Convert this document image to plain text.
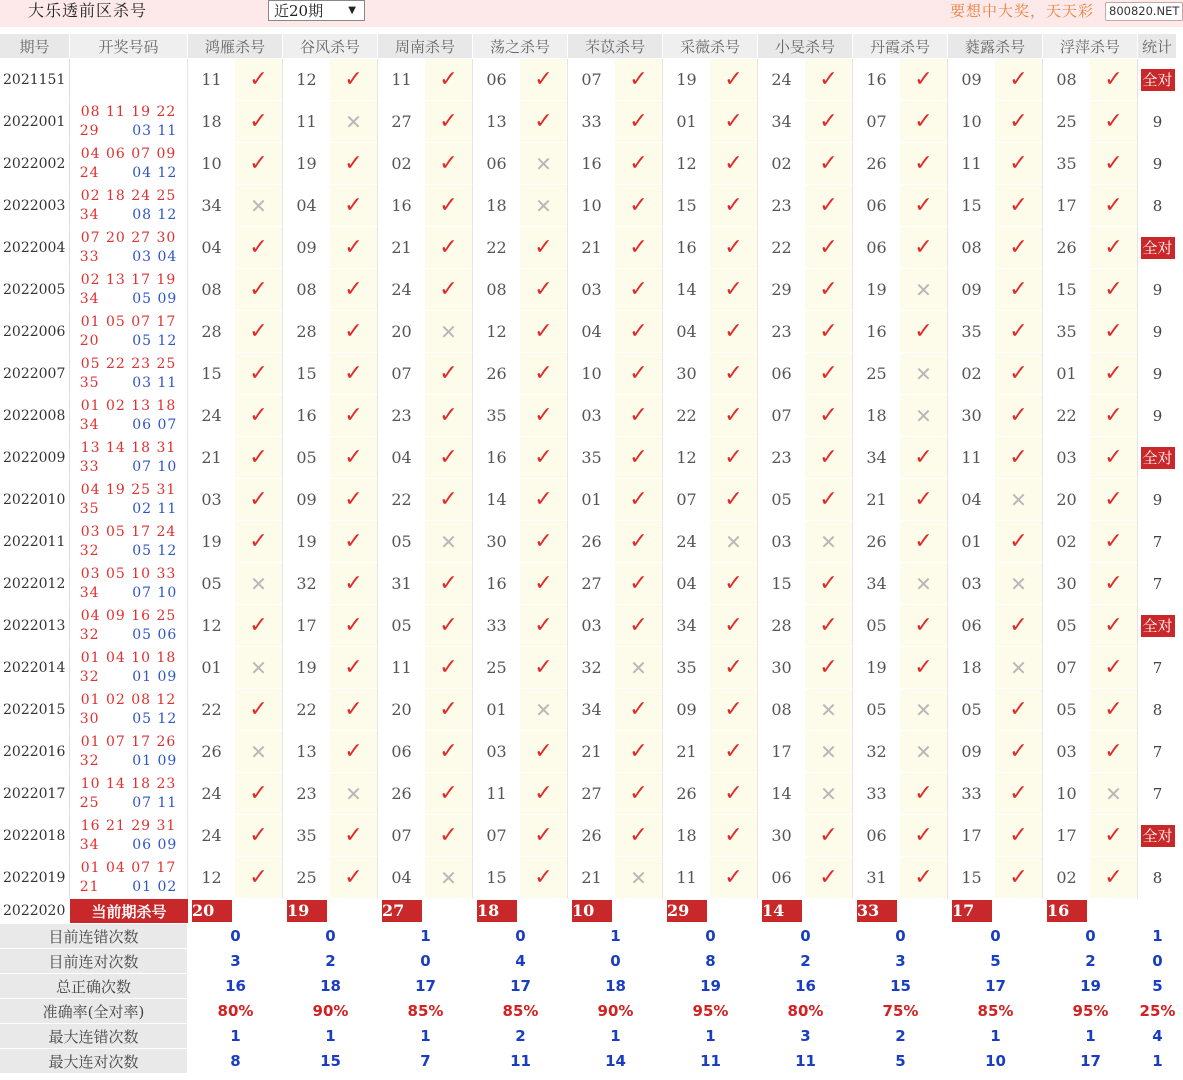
大乐透前区杀号	近20期	▼	要想中大奖，天天彩	800820.NET
期号	开奖号码	鸿雁杀号		谷风杀号		周南杀号		荡之杀号		芣苡杀号		采薇杀号		小旻杀号		丹霞杀号		蕤露杀号		浮萍杀号		统计
2021151		11	✓	12	✓	11	✓	06	✓	07	✓	19	✓	24	✓	16	✓	09	✓	08	✓	全对
2022001	08 11 19 22
29 03 11	18	✓	11	✕	27	✓	13	✓	33	✓	01	✓	34	✓	07	✓	10	✓	25	✓	9
2022002	04 06 07 09
24 04 12	10	✓	19	✓	02	✓	06	✕	16	✓	12	✓	02	✓	26	✓	11	✓	35	✓	9
2022003	02 18 24 25
34 08 12	34	✕	04	✓	16	✓	18	✕	10	✓	15	✓	23	✓	06	✓	15	✓	17	✓	8
2022004	07 20 27 30
33 03 04	04	✓	09	✓	21	✓	22	✓	21	✓	16	✓	22	✓	06	✓	08	✓	26	✓	全对
2022005	02 13 17 19
34 05 09	08	✓	08	✓	24	✓	08	✓	03	✓	14	✓	29	✓	19	✕	09	✓	15	✓	9
2022006	01 05 07 17
20 05 12	28	✓	28	✓	20	✕	12	✓	04	✓	04	✓	23	✓	16	✓	35	✓	35	✓	9
2022007	05 22 23 25
35 03 11	15	✓	15	✓	07	✓	26	✓	10	✓	30	✓	06	✓	25	✕	02	✓	01	✓	9
2022008	01 02 13 18
34 06 07	24	✓	16	✓	23	✓	35	✓	03	✓	22	✓	07	✓	18	✕	30	✓	22	✓	9
2022009	13 14 18 31
33 07 10	21	✓	05	✓	04	✓	16	✓	35	✓	12	✓	23	✓	34	✓	11	✓	03	✓	全对
2022010	04 19 25 31
35 02 11	03	✓	09	✓	22	✓	14	✓	01	✓	07	✓	05	✓	21	✓	04	✕	20	✓	9
2022011	03 05 17 24
32 05 12	19	✓	19	✓	05	✕	30	✓	26	✓	24	✕	03	✕	26	✓	01	✓	02	✓	7
2022012	03 05 10 33
34 07 10	05	✕	32	✓	31	✓	16	✓	27	✓	04	✓	15	✓	34	✕	03	✕	30	✓	7
2022013	04 09 16 25
32 05 06	12	✓	17	✓	05	✓	33	✓	03	✓	34	✓	28	✓	05	✓	06	✓	05	✓	全对
2022014	01 04 10 18
32 01 09	01	✕	19	✓	11	✓	25	✓	32	✕	35	✓	30	✓	19	✓	18	✕	07	✓	7
2022015	01 02 08 12
30 05 12	22	✓	22	✓	20	✓	01	✕	34	✓	09	✓	08	✕	05	✕	05	✓	05	✓	8
2022016	01 07 17 26
32 01 09	26	✕	13	✓	06	✓	03	✓	21	✓	21	✓	17	✕	32	✕	09	✓	03	✓	7
2022017	10 14 18 23
25 07 11	24	✓	23	✕	26	✓	11	✓	27	✓	26	✓	14	✕	33	✓	33	✓	10	✕	7
2022018	16 21 29 31
34 06 09	24	✓	35	✓	07	✓	07	✓	26	✓	18	✓	30	✓	06	✓	17	✓	17	✓	全对
2022019	01 04 07 17
21 01 02	12	✓	25	✓	04	✕	15	✓	21	✕	11	✓	06	✓	31	✓	15	✓	02	✓	8
2022020	当前期杀号	20		19		27		18		10		29		14		33		17		16		
目前连错次数		0		0		1		0		1		0		0		0		0		0		1
目前连对次数		3		2		0		4		0		8		2		3		5		2		0
总正确次数		16		18		17		17		18		19		16		15		17		19		5
准确率(全对率)		80%		90%		85%		85%		90%		95%		80%		75%		85%		95%		25%
最大连错次数		1		1		1		2		1		1		3		2		1		1		4
最大连对次数		8		15		7		11		14		11		11		5		10		17		1
